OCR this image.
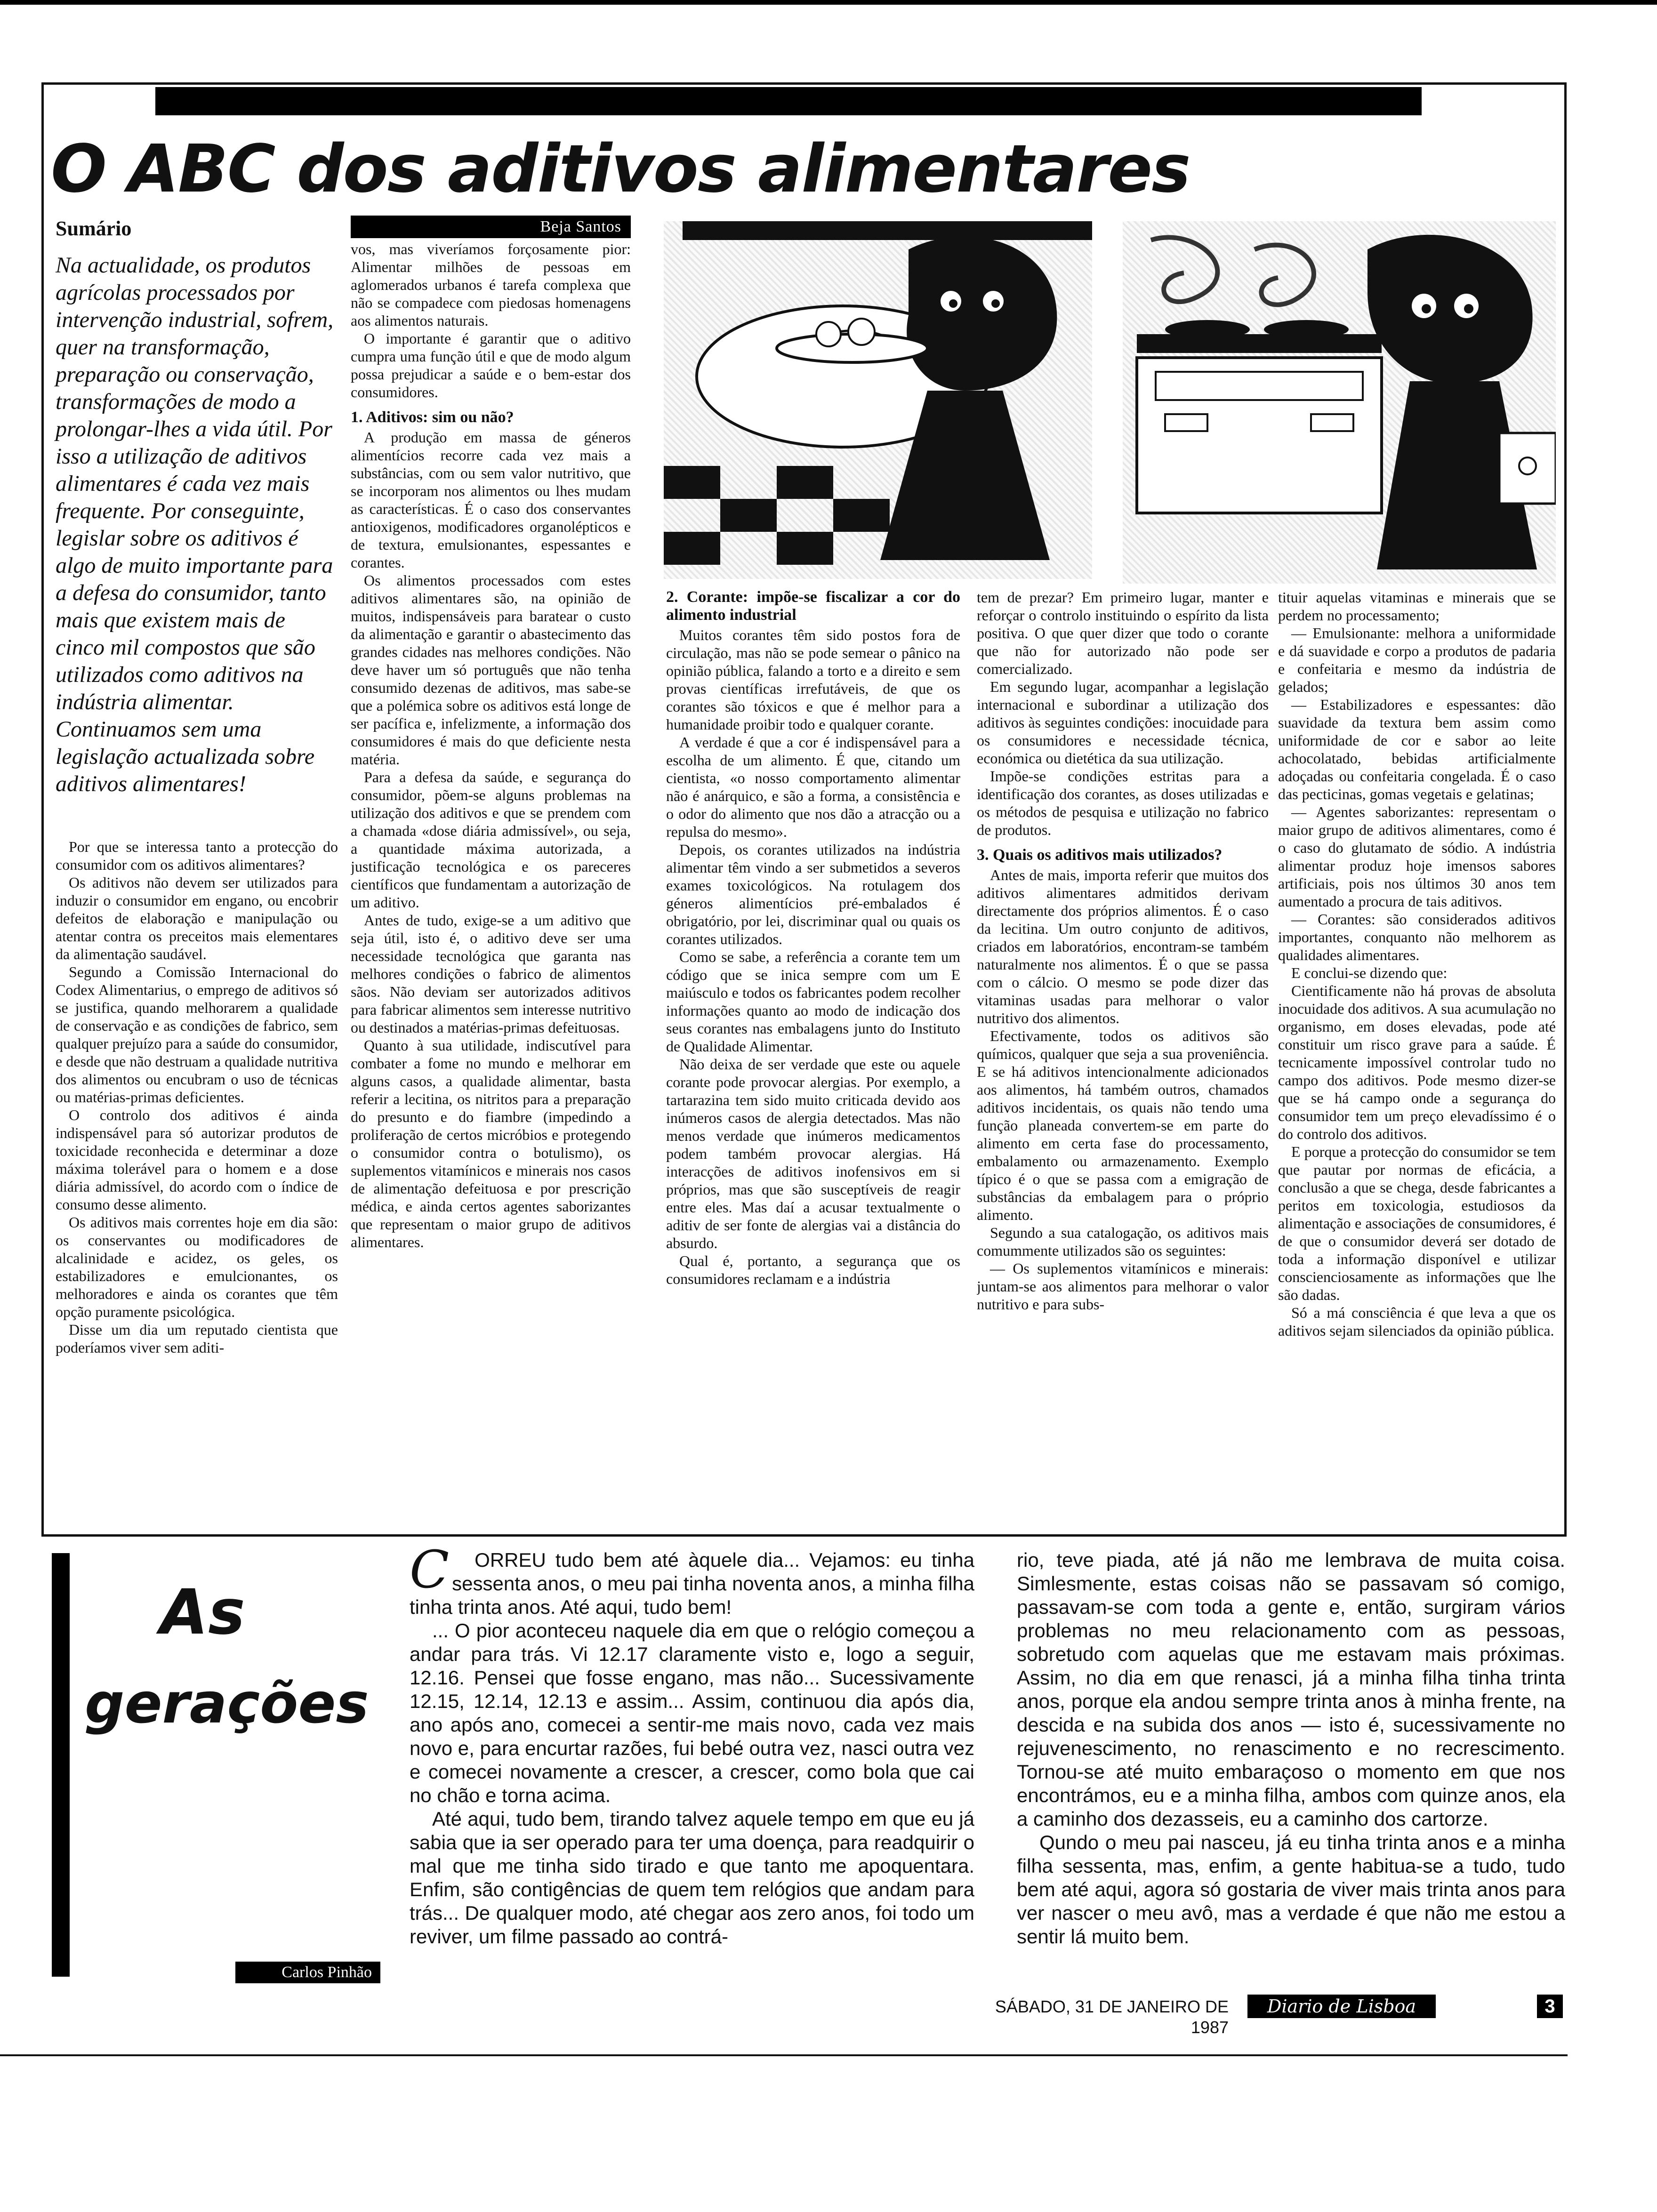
O ABC dos aditivos alimentares
Sumário	Beja Santos

Na actualidade, os produtos agrícolas processados por intervenção industrial, sofrem, quer na transformação, preparação ou conservação, transformações de modo a prolongar-lhes a vida útil. Por isso a utilização de aditivos alimentares é cada vez mais frequente. Por conseguinte, legislar sobre os aditivos é algo de muito importante para a defesa do consumidor, tanto mais que existem mais de cinco mil compostos que são utilizados como aditivos na indústria alimentar. Continuamos sem uma legislação actualizada sobre aditivos alimentares!

Por que se interessa tanto a protecção do consumidor com os aditivos alimentares?

Os aditivos não devem ser utilizados para induzir o consumidor em engano, ou encobrir defeitos de elaboração e manipulação ou atentar contra os preceitos mais elementares da alimentação saudável.

Segundo a Comissão Internacional do Codex Alimentarius, o emprego de aditivos só se justifica, quando melhorarem a qualidade de conservação e as condições de fabrico, sem qualquer prejuízo para a saúde do consumidor, e desde que não destruam a qualidade nutritiva dos alimentos ou encubram o uso de técnicas ou matérias-primas deficientes.

O controlo dos aditivos é ainda indispensável para só autorizar produtos de toxicidade reconhecida e determinar a doze máxima tolerável para o homem e a dose diária admissível, do acordo com o índice de consumo desse alimento.

Os aditivos mais correntes hoje em dia são: os conservantes ou modificadores de alcalinidade e acidez, os geles, os estabilizadores e emulcionantes, os melhoradores e ainda os corantes que têm opção puramente psicológica.

Disse um dia um reputado cientista que poderíamos viver sem aditi-

vos, mas viveríamos forçosamente pior: Alimentar milhões de pessoas em aglomerados urbanos é tarefa complexa que não se compadece com piedosas homenagens aos alimentos naturais.

O importante é garantir que o aditivo cumpra uma função útil e que de modo algum possa prejudicar a saúde e o bem-estar dos consumidores.

1. Aditivos: sim ou não?

A produção em massa de géneros alimentícios recorre cada vez mais a substâncias, com ou sem valor nutritivo, que se incorporam nos alimentos ou lhes mudam as características. É o caso dos conservantes antioxigenos, modificadores organolépticos e de textura, emulsionantes, espessantes e corantes.

Os alimentos processados com estes aditivos alimentares são, na opinião de muitos, indispensáveis para baratear o custo da alimentação e garantir o abastecimento das grandes cidades nas melhores condições. Não deve haver um só português que não tenha consumido dezenas de aditivos, mas sabe-se que a polémica sobre os aditivos está longe de ser pacífica e, infelizmente, a informação dos consumidores é mais do que deficiente nesta matéria.

Para a defesa da saúde, e segurança do consumidor, põem-se alguns problemas na utilização dos aditivos e que se prendem com a chamada «dose diária admissível», ou seja, a quantidade máxima autorizada, a justificação tecnológica e os pareceres científicos que fundamentam a autorização de um aditivo.

Antes de tudo, exige-se a um aditivo que seja útil, isto é, o aditivo deve ser uma necessidade tecnológica que garanta nas melhores condições o fabrico de alimentos sãos. Não deviam ser autorizados aditivos para fabricar alimentos sem interesse nutritivo ou destinados a matérias-primas defeituosas.

Quanto à sua utilidade, indiscutível para combater a fome no mundo e melhorar em alguns casos, a qualidade alimentar, basta referir a lecitina, os nitritos para a preparação do presunto e do fiambre (impedindo a proliferação de certos micróbios e protegendo o consumidor contra o botulismo), os suplementos vitamínicos e minerais nos casos de alimentação defeituosa e por prescrição médica, e ainda certos agentes saborizantes que representam o maior grupo de aditivos alimentares.

2. Corante: impõe-se fiscalizar a cor do alimento industrial

Muitos corantes têm sido postos fora de circulação, mas não se pode semear o pânico na opinião pública, falando a torto e a direito e sem provas científicas irrefutáveis, de que os corantes são tóxicos e que é melhor para a humanidade proibir todo e qualquer corante.

A verdade é que a cor é indispensável para a escolha de um alimento. É que, citando um cientista, «o nosso comportamento alimentar não é anárquico, e são a forma, a consistência e o odor do alimento que nos dão a atracção ou a repulsa do mesmo».

Depois, os corantes utilizados na indústria alimentar têm vindo a ser submetidos a severos exames toxicológicos. Na rotulagem dos géneros alimentícios pré-embalados é obrigatório, por lei, discriminar qual ou quais os corantes utilizados.

Como se sabe, a referência a corante tem um código que se inica sempre com um E maiúsculo e todos os fabricantes podem recolher informações quanto ao modo de indicação dos seus corantes nas embalagens junto do Instituto de Qualidade Alimentar.

Não deixa de ser verdade que este ou aquele corante pode provocar alergias. Por exemplo, a tartarazina tem sido muito criticada devido aos inúmeros casos de alergia detectados. Mas não menos verdade que inúmeros medicamentos podem também provocar alergias. Há interacções de aditivos inofensivos em si próprios, mas que são susceptíveis de reagir entre eles. Mas daí a acusar textualmente o aditiv de ser fonte de alergias vai a distância do absurdo.

Qual é, portanto, a segurança que os consumidores reclamam e a indústria

tem de prezar? Em primeiro lugar, manter e reforçar o controlo instituindo o espírito da lista positiva. O que quer dizer que todo o corante que não for autorizado não pode ser comercializado.

Em segundo lugar, acompanhar a legislação internacional e subordinar a utilização dos aditivos às seguintes condições: inocuidade para os consumidores e necessidade técnica, económica ou dietética da sua utilização.

Impõe-se condições estritas para a identificação dos corantes, as doses utilizadas e os métodos de pesquisa e utilização no fabrico de produtos.

3. Quais os aditivos mais utilizados?

Antes de mais, importa referir que muitos dos aditivos alimentares admitidos derivam directamente dos próprios alimentos. É o caso da lecitina. Um outro conjunto de aditivos, criados em laboratórios, encontram-se também naturalmente nos alimentos. É o que se passa com o cálcio. O mesmo se pode dizer das vitaminas usadas para melhorar o valor nutritivo dos alimentos.

Efectivamente, todos os aditivos são químicos, qualquer que seja a sua proveniência. E se há aditivos intencionalmente adicionados aos alimentos, há também outros, chamados aditivos incidentais, os quais não tendo uma função planeada convertem-se em parte do alimento em certa fase do processamento, embalamento ou armazenamento. Exemplo típico é o que se passa com a emigração de substâncias da embalagem para o próprio alimento.

Segundo a sua catalogação, os aditivos mais comummente utilizados são os seguintes:

— Os suplementos vitamínicos e minerais: juntam-se aos alimentos para melhorar o valor nutritivo e para subs-

tituir aquelas vitaminas e minerais que se perdem no processamento;

— Emulsionante: melhora a uniformidade e dá suavidade e corpo a produtos de padaria e confeitaria e mesmo da indústria de gelados;

— Estabilizadores e espessantes: dão suavidade da textura bem assim como uniformidade de cor e sabor ao leite achocolatado, bebidas artificialmente adoçadas ou confeitaria congelada. É o caso das pecticinas, gomas vegetais e gelatinas;

— Agentes saborizantes: representam o maior grupo de aditivos alimentares, como é o caso do glutamato de sódio. A indústria alimentar produz hoje imensos sabores artificiais, pois nos últimos 30 anos tem aumentado a procura de tais aditivos.

— Corantes: são considerados aditivos importantes, conquanto não melhorem as qualidades alimentares.

E conclui-se dizendo que:

Cientificamente não há provas de absoluta inocuidade dos aditivos. A sua acumulação no organismo, em doses elevadas, pode até constituir um risco grave para a saúde. É tecnicamente impossível controlar tudo no campo dos aditivos. Pode mesmo dizer-se que se há campo onde a segurança do consumidor tem um preço elevadíssimo é o do controlo dos aditivos.

E porque a protecção do consumidor se tem que pautar por normas de eficácia, a conclusão a que se chega, desde fabricantes a peritos em toxicologia, estudiosos da alimentação e associações de consumidores, é de que o consumidor deverá ser dotado de toda a informação disponível e utilizar conscienciosamente as informações que lhe são dadas.

Só a má consciência é que leva a que os aditivos sejam silenciados da opinião pública.

As
gerações
Carlos Pinhão

C ORREU tudo bem até àquele dia... Vejamos: eu tinha sessenta anos, o meu pai tinha noventa anos, a minha filha tinha trinta anos. Até aqui, tudo bem!

... O pior aconteceu naquele dia em que o relógio começou a andar para trás. Vi 12.17 claramente visto e, logo a seguir, 12.16. Pensei que fosse engano, mas não... Sucessivamente 12.15, 12.14, 12.13 e assim... Assim, continuou dia após dia, ano após ano, comecei a sentir-me mais novo, cada vez mais novo e, para encurtar razões, fui bebé outra vez, nasci outra vez e comecei novamente a crescer, a crescer, como bola que cai no chão e torna acima.

Até aqui, tudo bem, tirando talvez aquele tempo em que eu já sabia que ia ser operado para ter uma doença, para readquirir o mal que me tinha sido tirado e que tanto me apoquentara. Enfim, são contigências de quem tem relógios que andam para trás... De qualquer modo, até chegar aos zero anos, foi todo um reviver, um filme passado ao contrá-

rio, teve piada, até já não me lembrava de muita coisa. Simlesmente, estas coisas não se passavam só comigo, passavam-se com toda a gente e, então, surgiram vários problemas no meu relacionamento com as pessoas, sobretudo com aquelas que me estavam mais próximas. Assim, no dia em que renasci, já a minha filha tinha trinta anos, porque ela andou sempre trinta anos à minha frente, na descida e na subida dos anos — isto é, sucessivamente no rejuvenescimento, no renascimento e no recrescimento. Tornou-se até muito embaraçoso o momento em que nos encontrámos, eu e a minha filha, ambos com quinze anos, ela a caminho dos dezasseis, eu a caminho dos cartorze.

Qundo o meu pai nasceu, já eu tinha trinta anos e a minha filha sessenta, mas, enfim, a gente habitua-se a tudo, tudo bem até aqui, agora só gostaria de viver mais trinta anos para ver nascer o meu avô, mas a verdade é que não me estou a sentir lá muito bem.

SÁBADO, 31 DE JANEIRO DE 1987

Diario de Lisboa	3
